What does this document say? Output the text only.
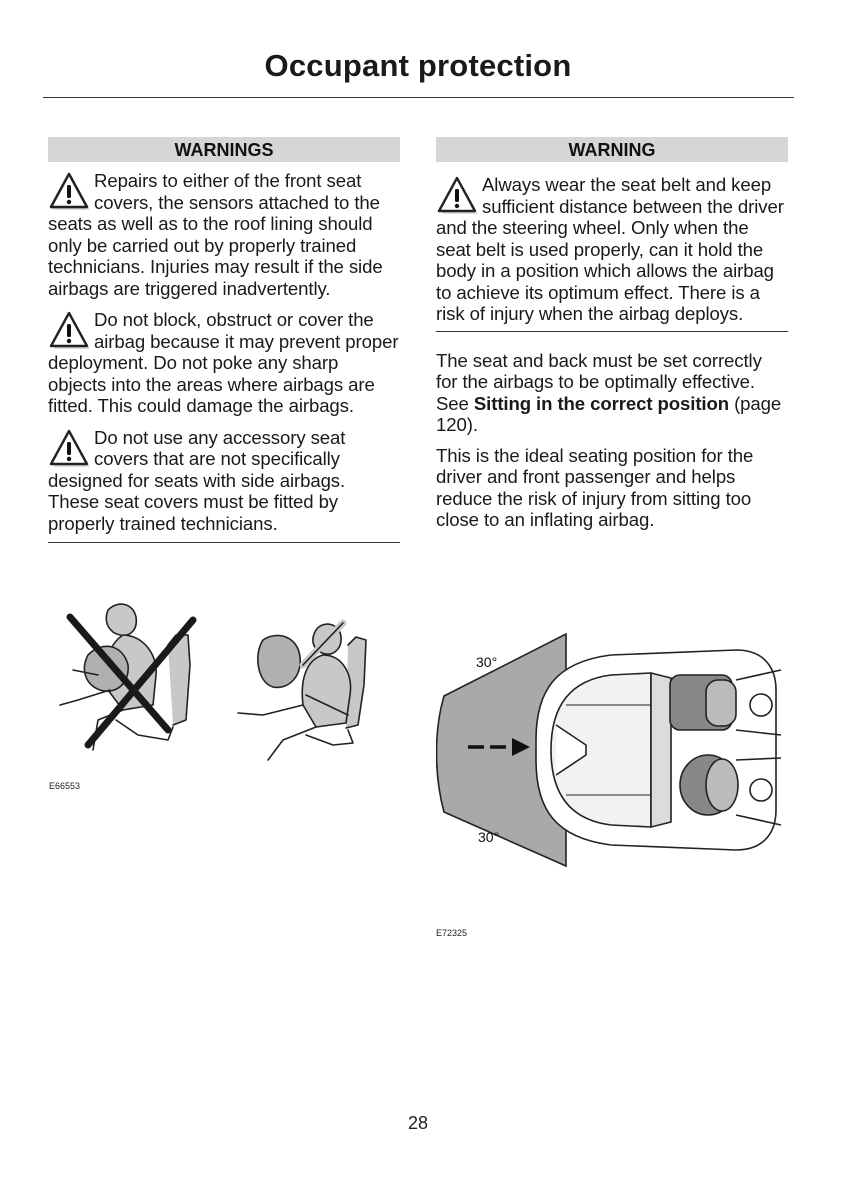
Occupant protection
WARNINGS

Repairs to either of the front seat covers, the sensors attached to the seats as well as to the roof lining should only be carried out by properly trained technicians. Injuries may result if the side airbags are triggered inadvertently.

Do not block, obstruct or cover the airbag because it may prevent proper deployment. Do not poke any sharp objects into the areas where airbags are fitted. This could damage the airbags.

Do not use any accessory seat covers that are not specifically designed for seats with side airbags. These seat covers must be fitted by properly trained technicians.

E66553
WARNING

Always wear the seat belt and keep sufficient distance between the driver and the steering wheel. Only when the seat belt is used properly, can it hold the body in a position which allows the airbag to achieve its optimum effect. There is a risk of injury when the airbag deploys.

The seat and back must be set correctly for the airbags to be optimally effective. See Sitting in the correct position (page 120).

This is the ideal seating position for the driver and front passenger and helps reduce the risk of injury from sitting too close to an inflating airbag.

30°
30°
E72325
28
